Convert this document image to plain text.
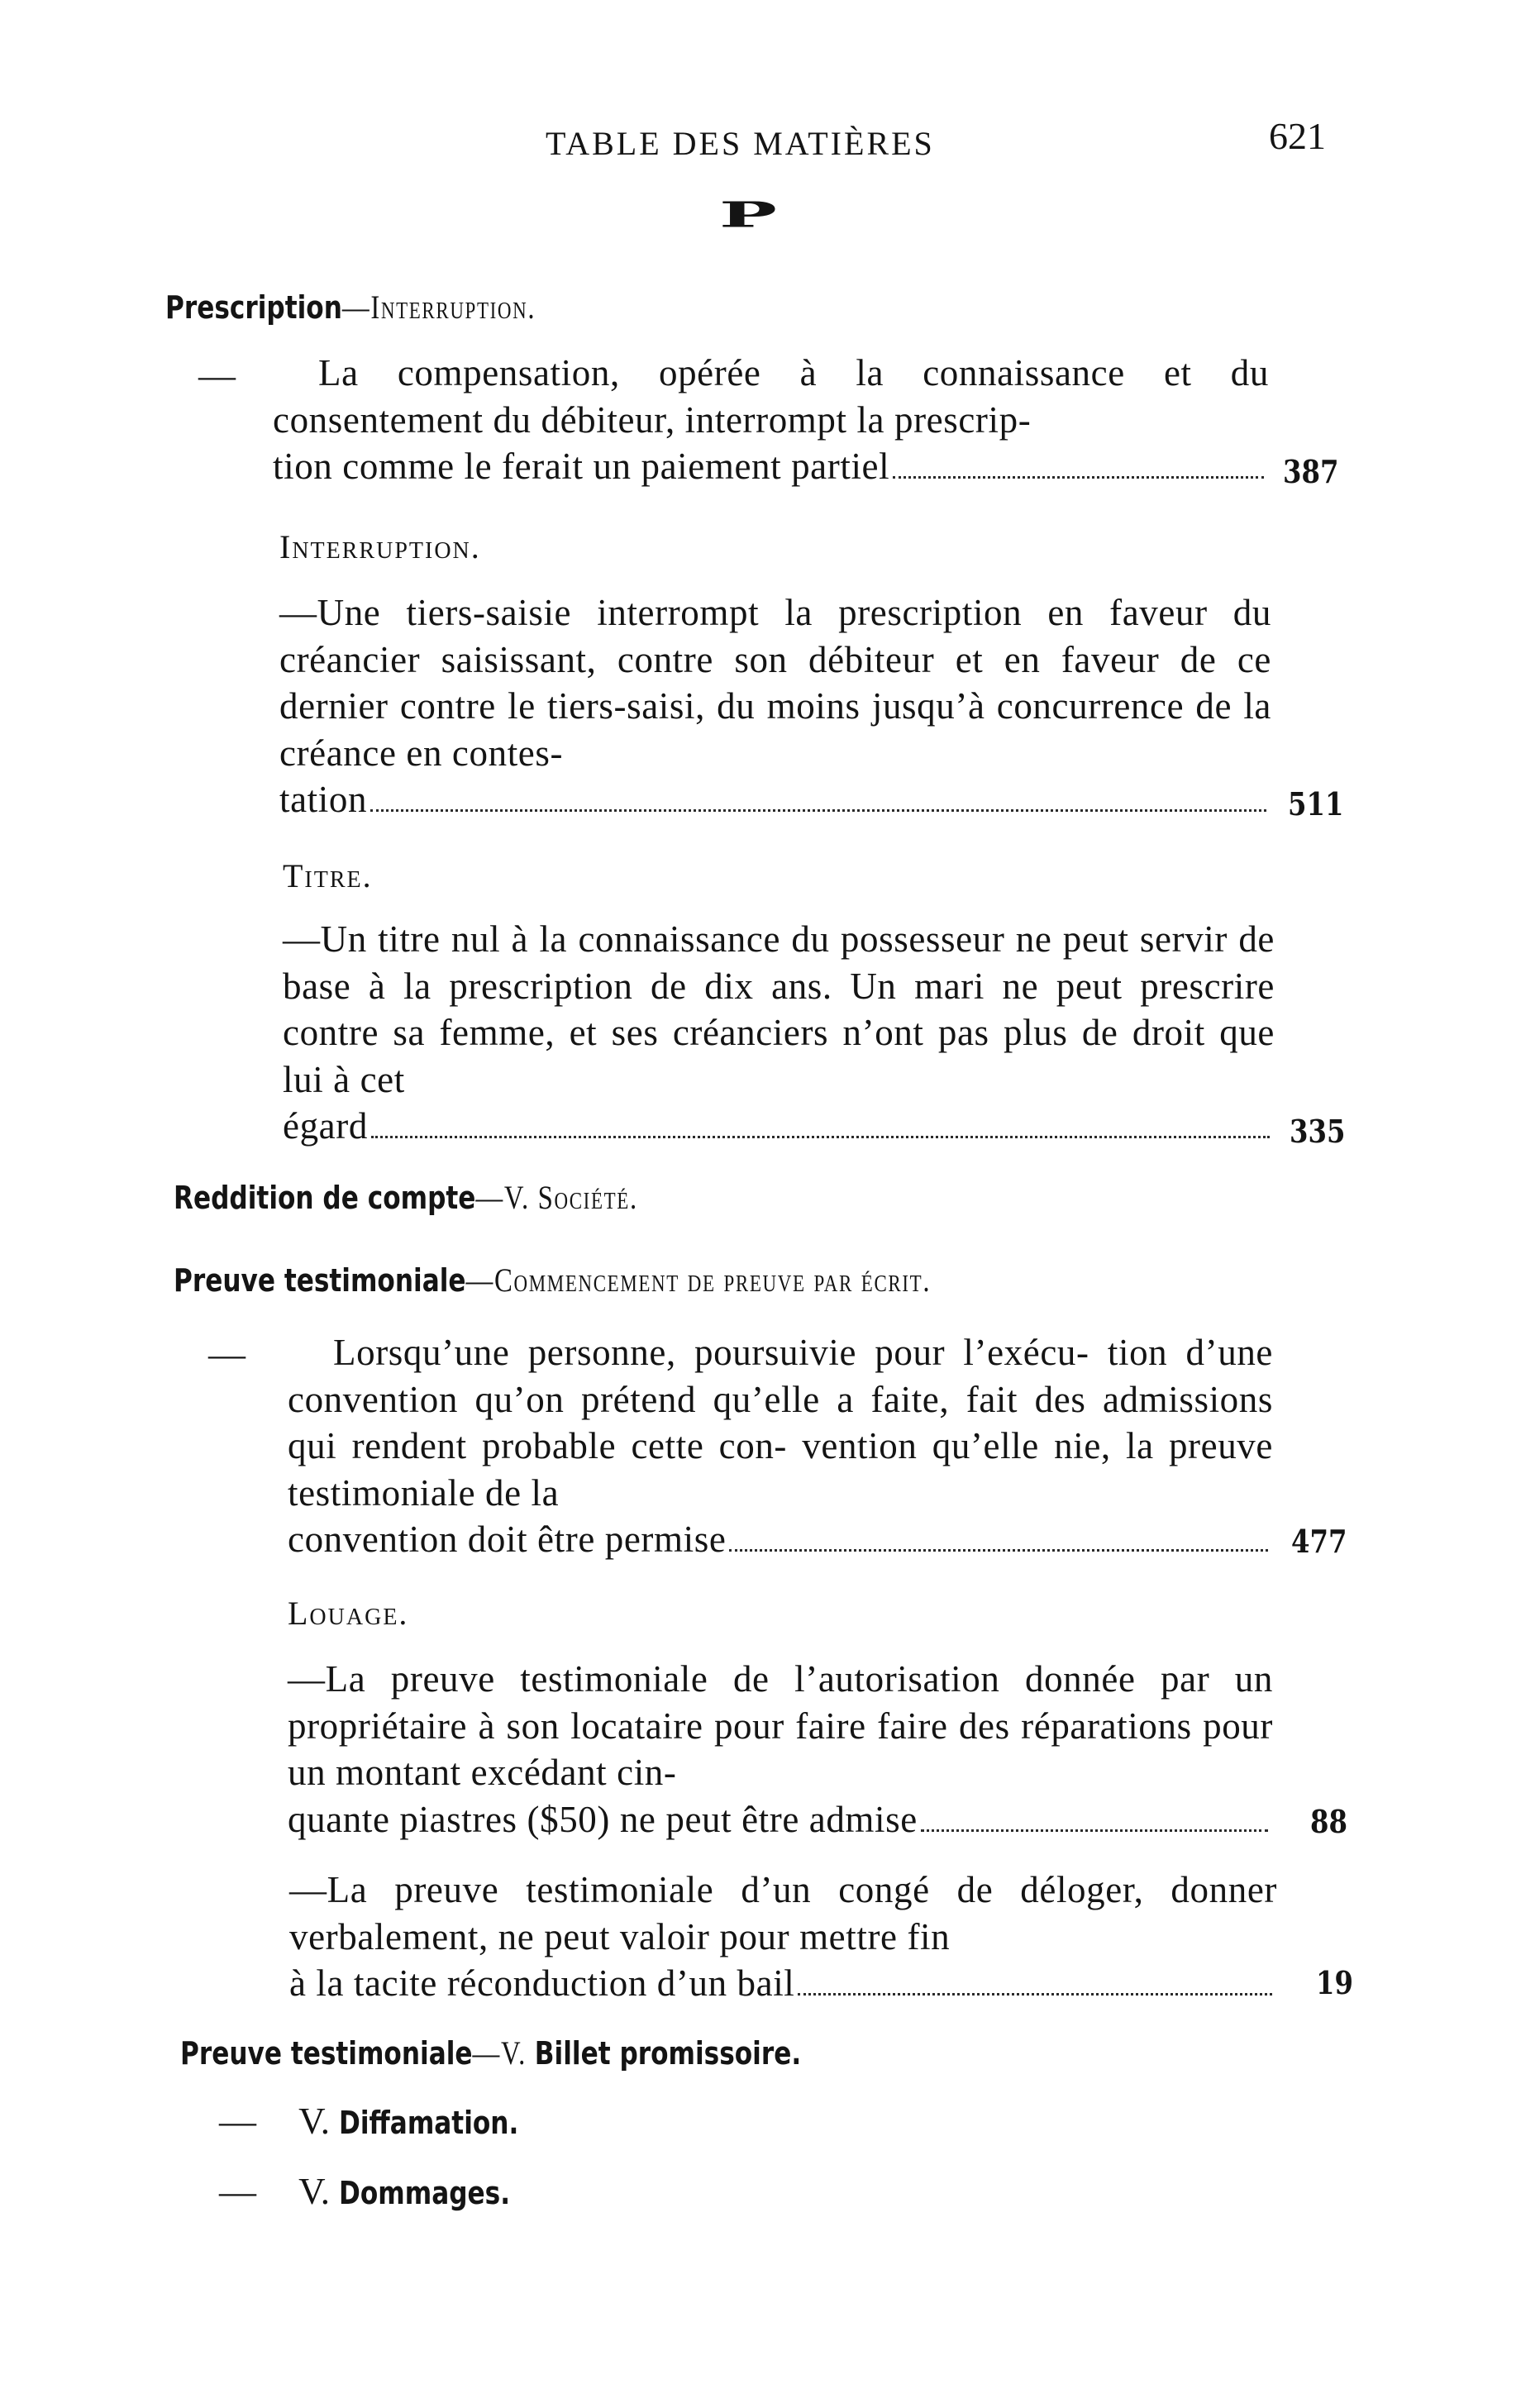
TABLE DES MATIÈRES	621
P
Prescription—Interruption.
—	La compensation, opérée à la connaissance et du consentement du débiteur, interrompt la prescrip-

tion comme le ferait un paiement partiel	387
Interruption.

—Une tiers-saisie interrompt la prescription en faveur du créancier saisissant, contre son débiteur et en faveur de ce dernier contre le tiers-saisi, du moins jusqu’à concurrence de la créance en contes-

tation	511
Titre.

—Un titre nul à la connaissance du possesseur ne peut servir de base à la prescription de dix ans. Un mari ne peut prescrire contre sa femme, et ses créanciers n’ont pas plus de droit que lui à cet

égard	335
Reddition de compte—V. Société.
Preuve testimoniale—Commencement de preuve par écrit.
—	Lorsqu’une personne, poursuivie pour l’exécu- tion d’une convention qu’on prétend qu’elle a faite, fait des admissions qui rendent probable cette con- vention qu’elle nie, la preuve testimoniale de la

convention doit être permise	477
Louage.

—La preuve testimoniale de l’autorisation donnée par un propriétaire à son locataire pour faire faire des réparations pour un montant excédant cin-

quante piastres ($50) ne peut être admise	88

—La preuve testimoniale d’un congé de déloger, donner verbalement, ne peut valoir pour mettre fin

à la tacite réconduction d’un bail	19
Preuve testimoniale—V. Billet promissoire.
— V. Diffamation.
— V. Dommages.
